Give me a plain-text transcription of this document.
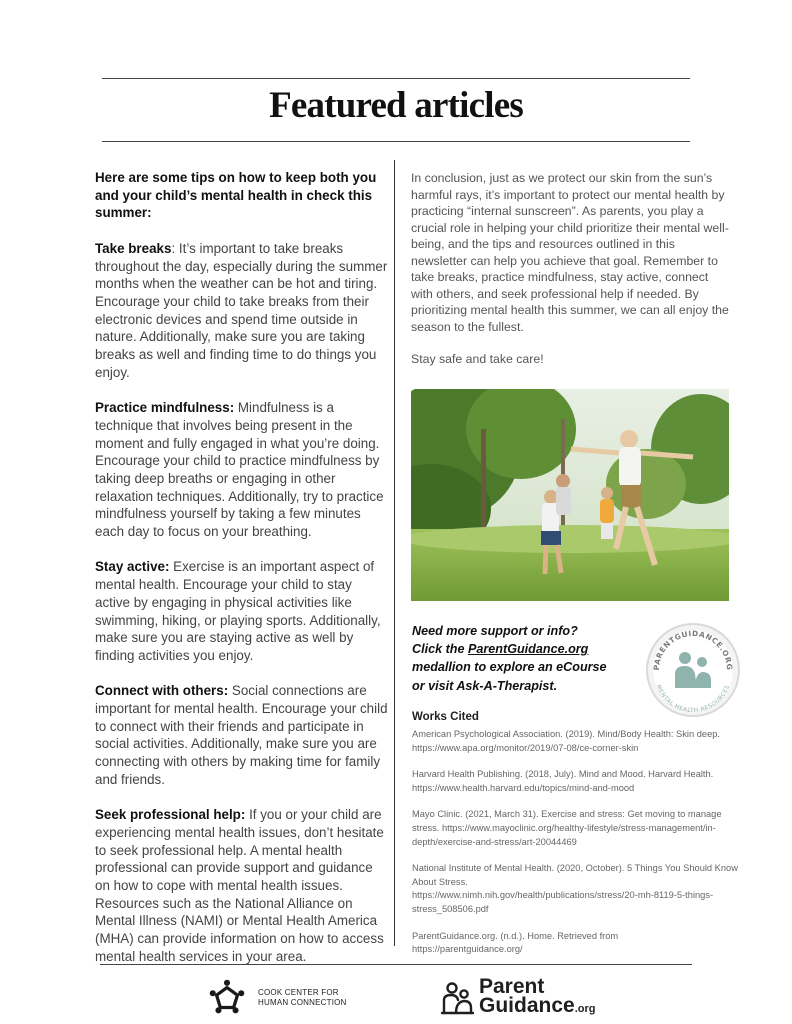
Featured articles

Here are some tips on how to keep both you and your child’s mental health in check this summer:

Take breaks: It’s important to take breaks throughout the day, especially during the summer months when the weather can be hot and tiring. Encourage your child to take breaks from their electronic devices and spend time outside in nature. Additionally, make sure you are taking breaks as well and finding time to do things you enjoy.

Practice mindfulness: Mindfulness is a technique that involves being present in the moment and fully engaged in what you’re doing. Encourage your child to practice mindfulness by taking deep breaths or engaging in other relaxation techniques. Additionally, try to practice mindfulness yourself by taking a few minutes each day to focus on your breathing.

Stay active: Exercise is an important aspect of mental health. Encourage your child to stay active by engaging in physical activities like swimming, hiking, or playing sports. Additionally, make sure you are staying active as well by finding activities you enjoy.

Connect with others: Social connections are important for mental health. Encourage your child to connect with their friends and participate in social activities. Additionally, make sure you are connecting with others by making time for family and friends.

Seek professional help: If you or your child are experiencing mental health issues, don’t hesitate to seek professional help. A mental health professional can provide support and guidance on how to cope with mental health issues. Resources such as the National Alliance on Mental Illness (NAMI) or Mental Health America (MHA) can provide information on how to access mental health services in your area.

In conclusion, just as we protect our skin from the sun’s harmful rays, it’s important to protect our mental health by practicing “internal sunscreen”. As parents, you play a crucial role in helping your child prioritize their mental well-being, and the tips and resources outlined in this newsletter can help you achieve that goal. Remember to take breaks, practice mindfulness, stay active, connect with others, and seek professional help if needed. By prioritizing mental health this summer, we can all enjoy the season to the fullest.

Stay safe and take care!

Need more support or info?
Click the ParentGuidance.org
medallion to explore an eCourse
or visit Ask-A-Therapist.
PARENTGUIDANCE.ORG
MENTAL HEALTH RESOURCES
Works Cited

American Psychological Association. (2019). Mind/Body Health: Skin deep.
https://www.apa.org/monitor/2019/07-08/ce-corner-skin

Harvard Health Publishing. (2018, July). Mind and Mood. Harvard Health.
https://www.health.harvard.edu/topics/mind-and-mood

Mayo Clinic. (2021, March 31). Exercise and stress: Get moving to manage stress. https://www.mayoclinic.org/healthy-lifestyle/stress-management/in-depth/exercise-and-stress/art-20044469

National Institute of Mental Health. (2020, October). 5 Things You Should Know About Stress.
https://www.nimh.nih.gov/health/publications/stress/20-mh-8119-5-things-stress_508506.pdf

ParentGuidance.org. (n.d.). Home. Retrieved from
https://parentguidance.org/

COOK CENTER FOR
HUMAN CONNECTION
Parent
Guidance.org
